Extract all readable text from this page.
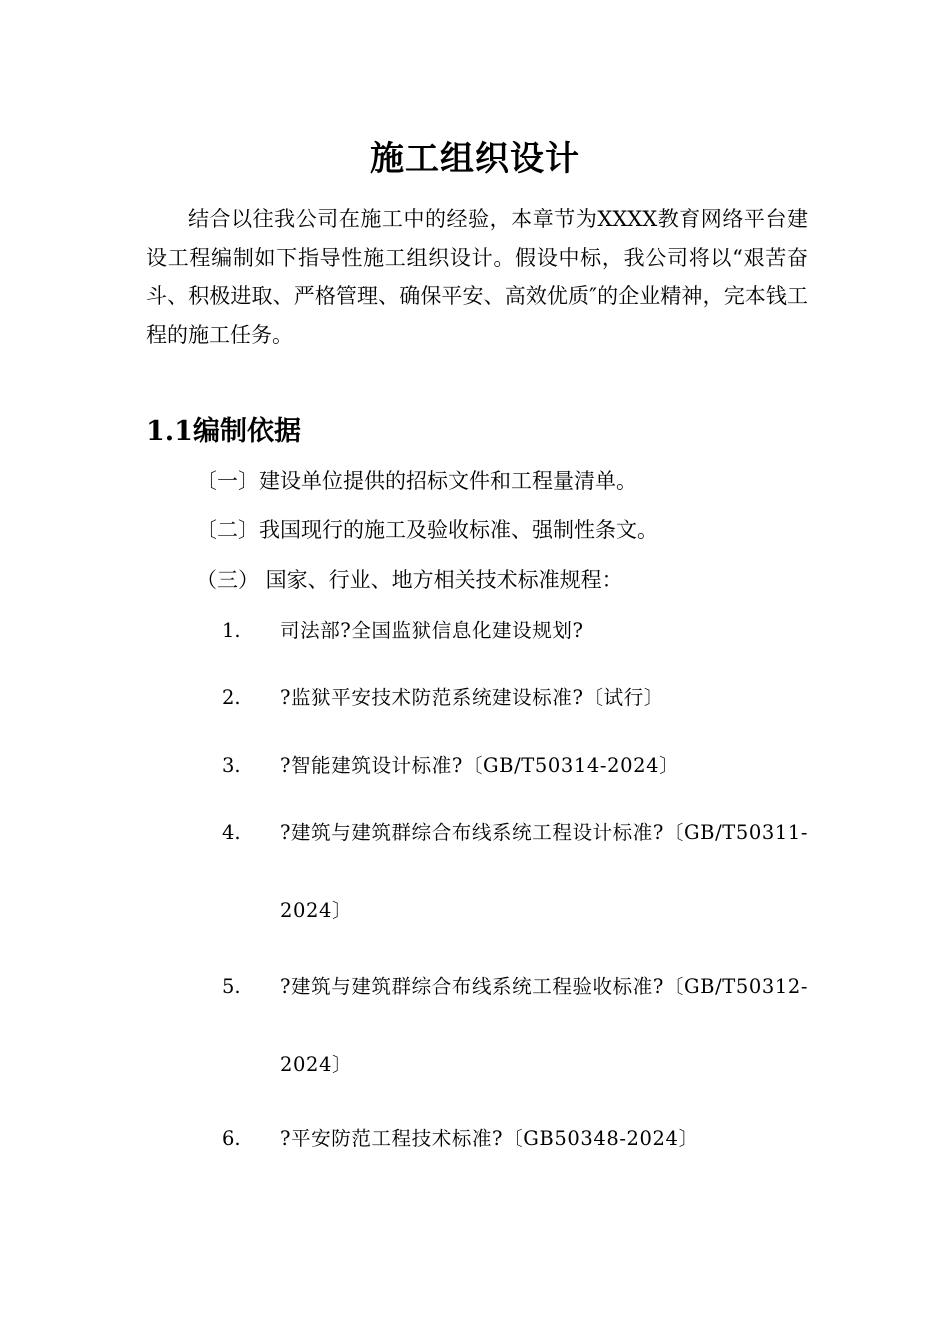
施工组织设计

结合以往我公司在施工中的经验，本章节为XXXX教育网络平台建设工程编制如下指导性施工组织设计。假设中标，我公司将以“艰苦奋斗、积极进取、严格管理、确保平安、高效优质″的企业精神，完本钱工程的施工任务。

1.1编制依据
〔一〕建设单位提供的招标文件和工程量清单。
〔二〕我国现行的施工及验收标准、强制性条文。
（三） 国家、行业、地方相关技术标准规程：
1. 司法部?全国监狱信息化建设规划?
2. ?监狱平安技术防范系统建设标准?〔试行〕
3. ?智能建筑设计标准?〔GB/T50314-2024〕
4. ?建筑与建筑群综合布线系统工程设计标准?〔GB/T50311-2024〕
5. ?建筑与建筑群综合布线系统工程验收标准?〔GB/T50312-2024〕
6. ?平安防范工程技术标准?〔GB50348-2024〕
